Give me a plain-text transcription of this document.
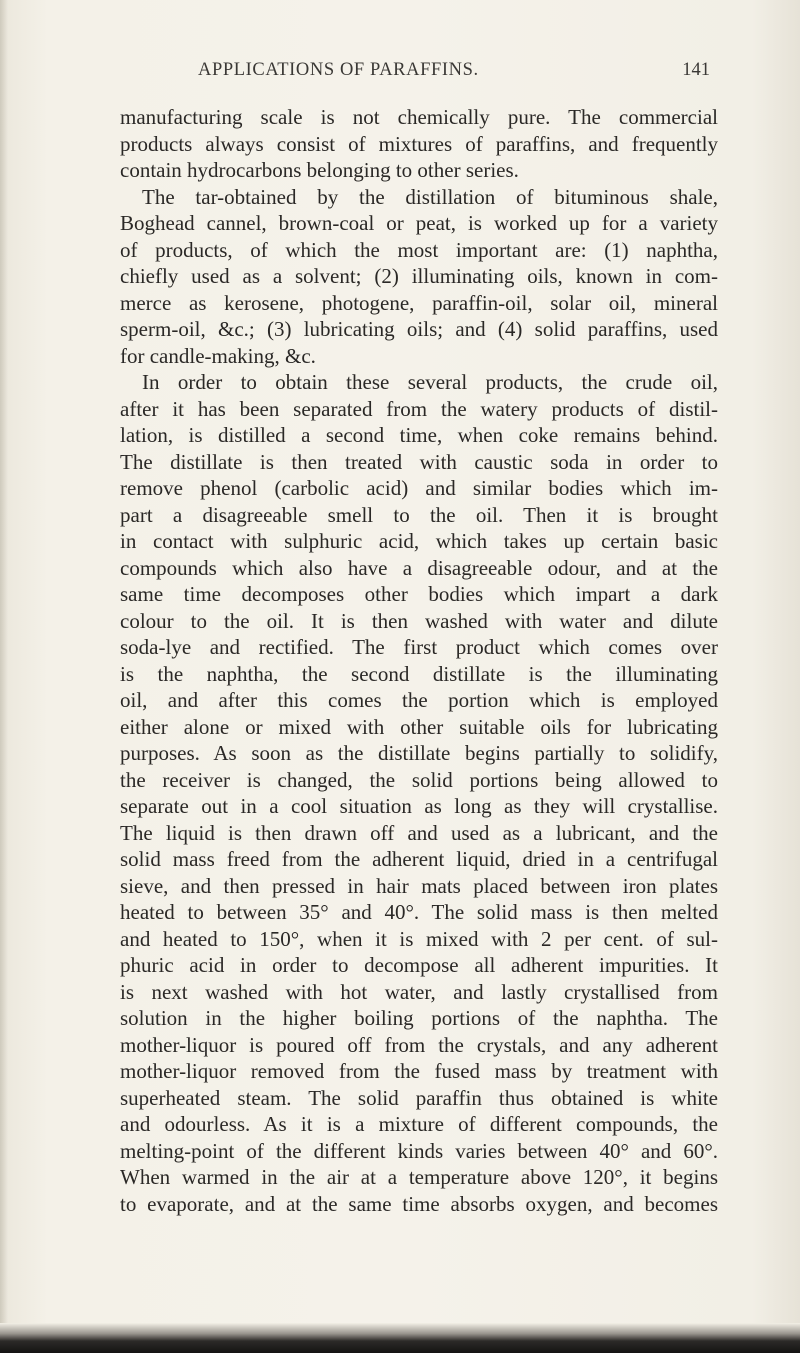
APPLICATIONS OF PARAFFINS.	141
manufacturing scale is not chemically pure. The commercial
products always consist of mixtures of paraffins, and frequently
contain hydrocarbons belonging to other series.
The tar-obtained by the distillation of bituminous shale,
Boghead cannel, brown-coal or peat, is worked up for a variety
of products, of which the most important are: (1) naphtha,
chiefly used as a solvent; (2) illuminating oils, known in com-
merce as kerosene, photogene, paraffin-oil, solar oil, mineral
sperm-oil, &c.; (3) lubricating oils; and (4) solid paraffins, used
for candle-making, &c.
In order to obtain these several products, the crude oil,
after it has been separated from the watery products of distil-
lation, is distilled a second time, when coke remains behind.
The distillate is then treated with caustic soda in order to
remove phenol (carbolic acid) and similar bodies which im-
part a disagreeable smell to the oil. Then it is brought
in contact with sulphuric acid, which takes up certain basic
compounds which also have a disagreeable odour, and at the
same time decomposes other bodies which impart a dark
colour to the oil. It is then washed with water and dilute
soda-lye and rectified. The first product which comes over
is the naphtha, the second distillate is the illuminating
oil, and after this comes the portion which is employed
either alone or mixed with other suitable oils for lubricating
purposes. As soon as the distillate begins partially to solidify,
the receiver is changed, the solid portions being allowed to
separate out in a cool situation as long as they will crystallise.
The liquid is then drawn off and used as a lubricant, and the
solid mass freed from the adherent liquid, dried in a centrifugal
sieve, and then pressed in hair mats placed between iron plates
heated to between 35° and 40°. The solid mass is then melted
and heated to 150°, when it is mixed with 2 per cent. of sul-
phuric acid in order to decompose all adherent impurities. It
is next washed with hot water, and lastly crystallised from
solution in the higher boiling portions of the naphtha. The
mother-liquor is poured off from the crystals, and any adherent
mother-liquor removed from the fused mass by treatment with
superheated steam. The solid paraffin thus obtained is white
and odourless. As it is a mixture of different compounds, the
melting-point of the different kinds varies between 40° and 60°.
When warmed in the air at a temperature above 120°, it begins
to evaporate, and at the same time absorbs oxygen, and becomes
